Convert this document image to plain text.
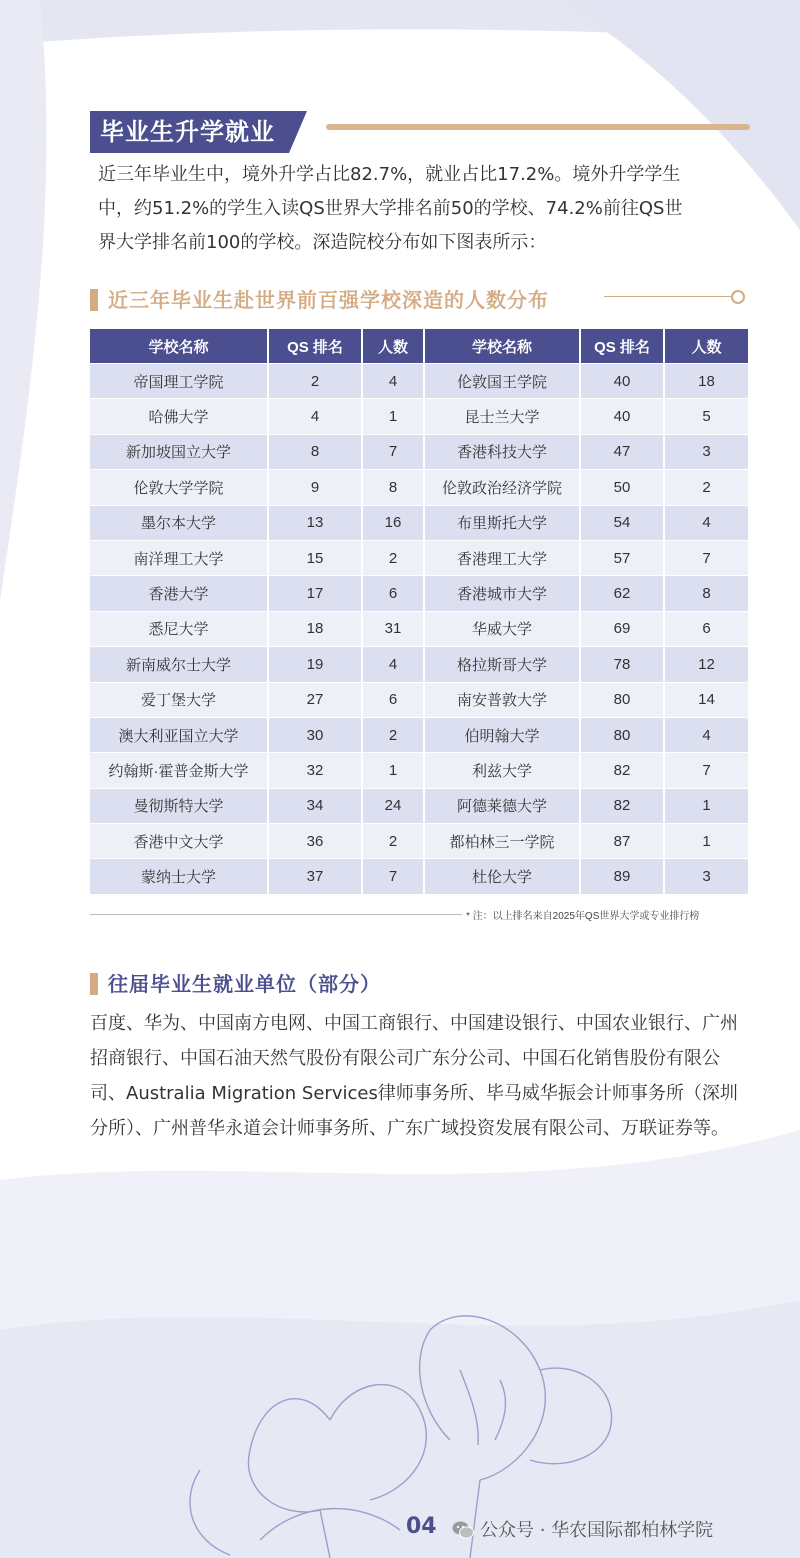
毕业生升学就业

近三年毕业生中，境外升学占比82.7%，就业占比17.2%。境外升学学生

中，约51.2%的学生入读QS世界大学排名前50的学校、74.2%前往QS世

界大学排名前100的学校。深造院校分布如下图表所示：

近三年毕业生赴世界前百强学校深造的人数分布
学校名称	QS 排名	人数	学校名称	QS 排名	人数
帝国理工学院	2	4	伦敦国王学院	40	18
哈佛大学	4	1	昆士兰大学	40	5
新加坡国立大学	8	7	香港科技大学	47	3
伦敦大学学院	9	8	伦敦政治经济学院	50	2
墨尔本大学	13	16	布里斯托大学	54	4
南洋理工大学	15	2	香港理工大学	57	7
香港大学	17	6	香港城市大学	62	8
悉尼大学	18	31	华威大学	69	6
新南威尔士大学	19	4	格拉斯哥大学	78	12
爱丁堡大学	27	6	南安普敦大学	80	14
澳大利亚国立大学	30	2	伯明翰大学	80	4
约翰斯·霍普金斯大学	32	1	利兹大学	82	7
曼彻斯特大学	34	24	阿德莱德大学	82	1
香港中文大学	36	2	都柏林三一学院	87	1
蒙纳士大学	37	7	杜伦大学	89	3
* 注：以上排名来自2025年QS世界大学或专业排行榜
往届毕业生就业单位（部分）

百度、华为、中国南方电网、中国工商银行、中国建设银行、中国农业银行、广州招商银行、中国石油天然气股份有限公司广东分公司、中国石化销售股份有限公司、Australia Migration Services律师事务所、毕马威华振会计师事务所（深圳分所）、广州普华永道会计师事务所、广东广域投资发展有限公司、万联证券等。

04	公众号 · 华农国际都柏林学院
